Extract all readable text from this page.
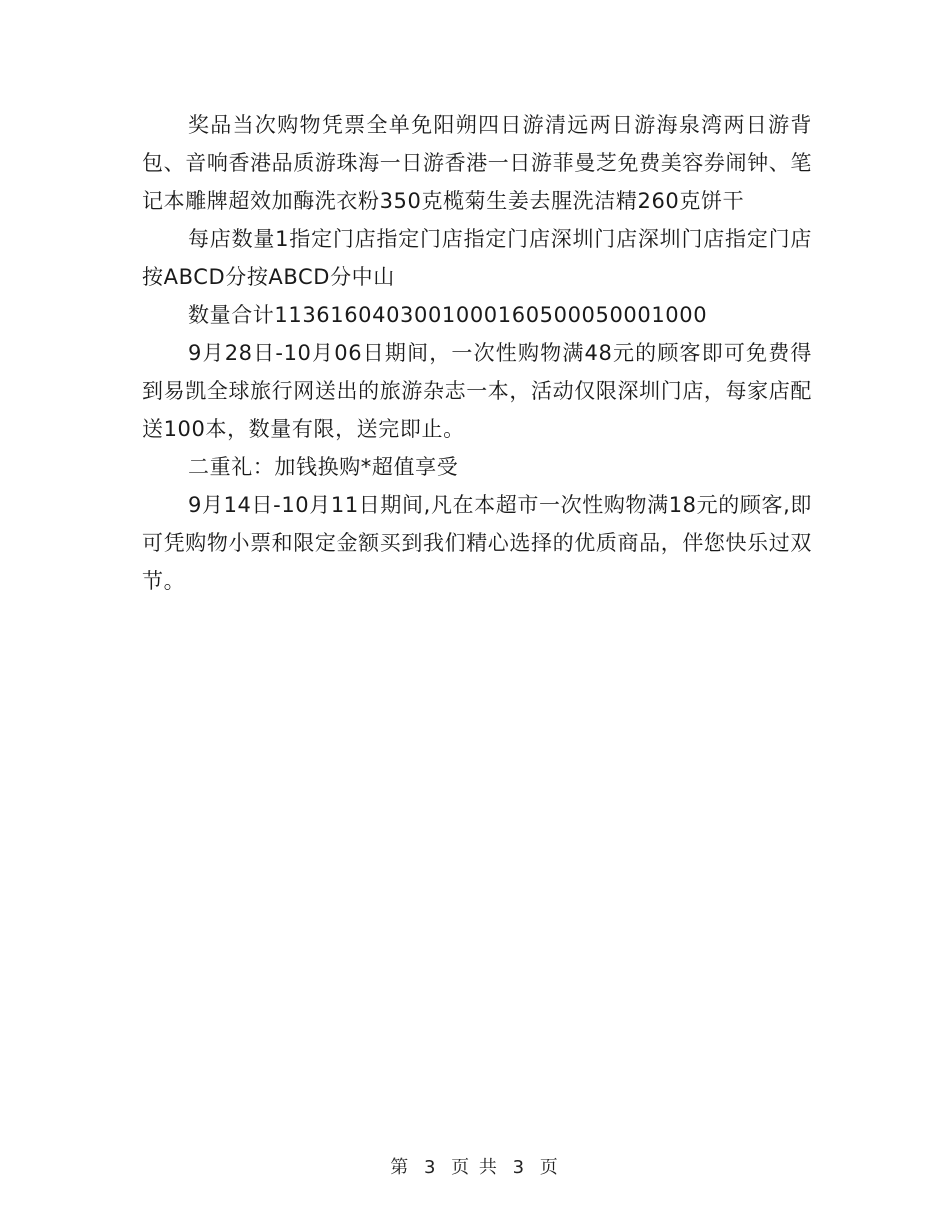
奖品当次购物凭票全单免阳朔四日游清远两日游海泉湾两日游背包、音响香港品质游珠海一日游香港一日游菲曼芝免费美容券闹钟、笔记本雕牌超效加酶洗衣粉350克榄菊生姜去腥洗洁精260克饼干

每店数量1指定门店指定门店指定门店深圳门店深圳门店指定门店按ABCD分按ABCD分中山

数量合计1136160403001000160500050001000

9月28日-10月06日期间，一次性购物满48元的顾客即可免费得到易凯全球旅行网送出的旅游杂志一本，活动仅限深圳门店，每家店配送100本，数量有限，送完即止。

二重礼：加钱换购*超值享受

9月14日-10月11日期间,凡在本超市一次性购物满18元的顾客,即可凭购物小票和限定金额买到我们精心选择的优质商品，伴您快乐过双节。

第 3 页 共 3 页
